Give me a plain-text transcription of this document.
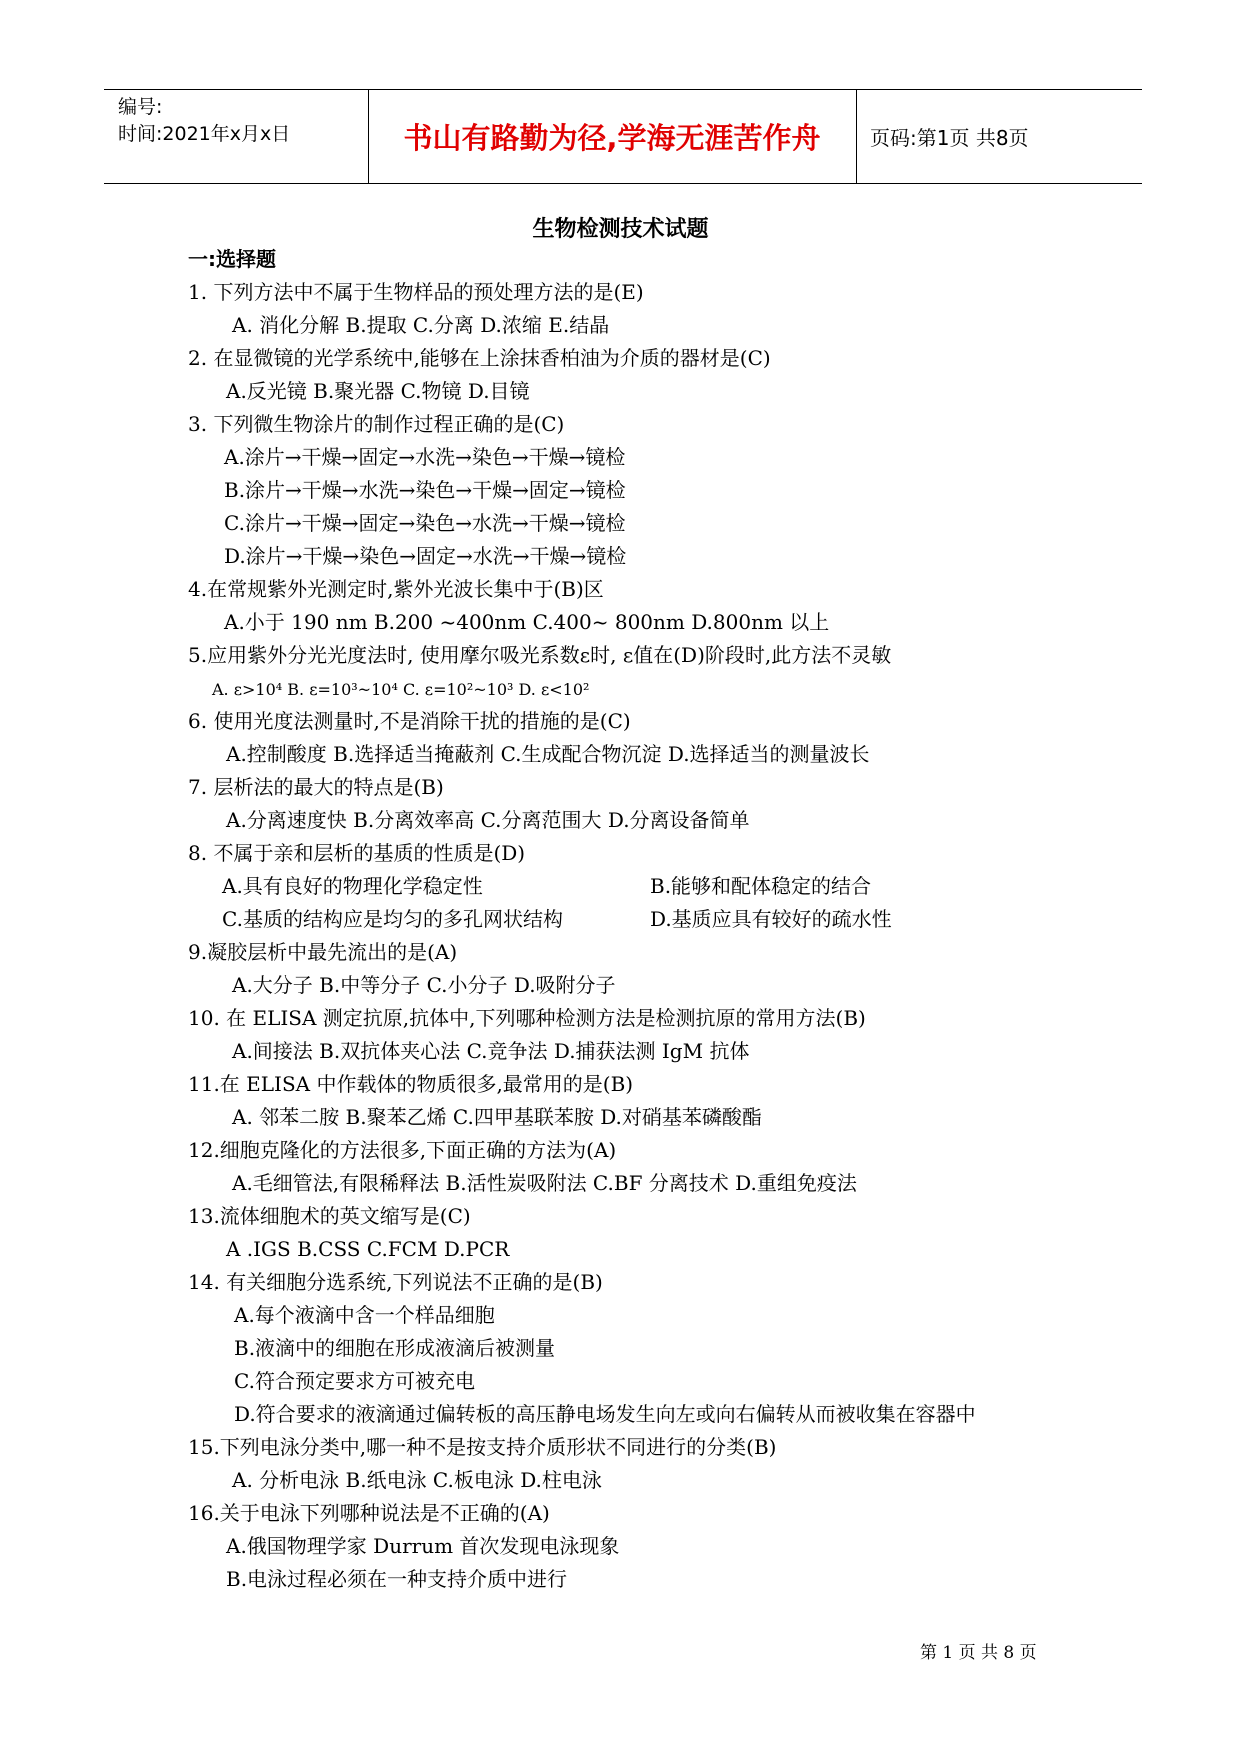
编号:
时间:2021年x月x日	书山有路勤为径,学海无涯苦作舟	页码:第1页 共8页
生物检测技术试题
一:选择题
1. 下列方法中不属于生物样品的预处理方法的是(E)
A. 消化分解 B.提取 C.分离 D.浓缩 E.结晶
2. 在显微镜的光学系统中,能够在上涂抹香柏油为介质的器材是(C)
A.反光镜 B.聚光器 C.物镜 D.目镜
3. 下列微生物涂片的制作过程正确的是(C)
A.涂片→干燥→固定→水洗→染色→干燥→镜检
B.涂片→干燥→水洗→染色→干燥→固定→镜检
C.涂片→干燥→固定→染色→水洗→干燥→镜检
D.涂片→干燥→染色→固定→水洗→干燥→镜检
4.在常规紫外光测定时,紫外光波长集中于(B)区
A.小于 190 nm B.200 ~400nm C.400~ 800nm D.800nm 以上
5.应用紫外分光光度法时, 使用摩尔吸光系数ε时, ε值在(D)阶段时,此方法不灵敏
A. ε>10⁴ B. ε=10³~10⁴ C. ε=10²~10³ D. ε<10²
6. 使用光度法测量时,不是消除干扰的措施的是(C)
A.控制酸度 B.选择适当掩蔽剂 C.生成配合物沉淀 D.选择适当的测量波长
7. 层析法的最大的特点是(B)
A.分离速度快 B.分离效率高 C.分离范围大 D.分离设备简单
8. 不属于亲和层析的基质的性质是(D)
A.具有良好的物理化学稳定性	B.能够和配体稳定的结合
C.基质的结构应是均匀的多孔网状结构	D.基质应具有较好的疏水性
9.凝胶层析中最先流出的是(A)
A.大分子 B.中等分子 C.小分子 D.吸附分子
10. 在 ELISA 测定抗原,抗体中,下列哪种检测方法是检测抗原的常用方法(B)
A.间接法 B.双抗体夹心法 C.竞争法 D.捕获法测 IgM 抗体
11.在 ELISA 中作载体的物质很多,最常用的是(B)
A. 邻苯二胺 B.聚苯乙烯 C.四甲基联苯胺 D.对硝基苯磷酸酯
12.细胞克隆化的方法很多,下面正确的方法为(A)
A.毛细管法,有限稀释法 B.活性炭吸附法 C.BF 分离技术 D.重组免疫法
13.流体细胞术的英文缩写是(C)
A .IGS B.CSS C.FCM D.PCR
14. 有关细胞分选系统,下列说法不正确的是(B)
A.每个液滴中含一个样品细胞
B.液滴中的细胞在形成液滴后被测量
C.符合预定要求方可被充电
D.符合要求的液滴通过偏转板的高压静电场发生向左或向右偏转从而被收集在容器中
15.下列电泳分类中,哪一种不是按支持介质形状不同进行的分类(B)
A. 分析电泳 B.纸电泳 C.板电泳 D.柱电泳
16.关于电泳下列哪种说法是不正确的(A)
A.俄国物理学家 Durrum 首次发现电泳现象
B.电泳过程必须在一种支持介质中进行
第 1 页 共 8 页
